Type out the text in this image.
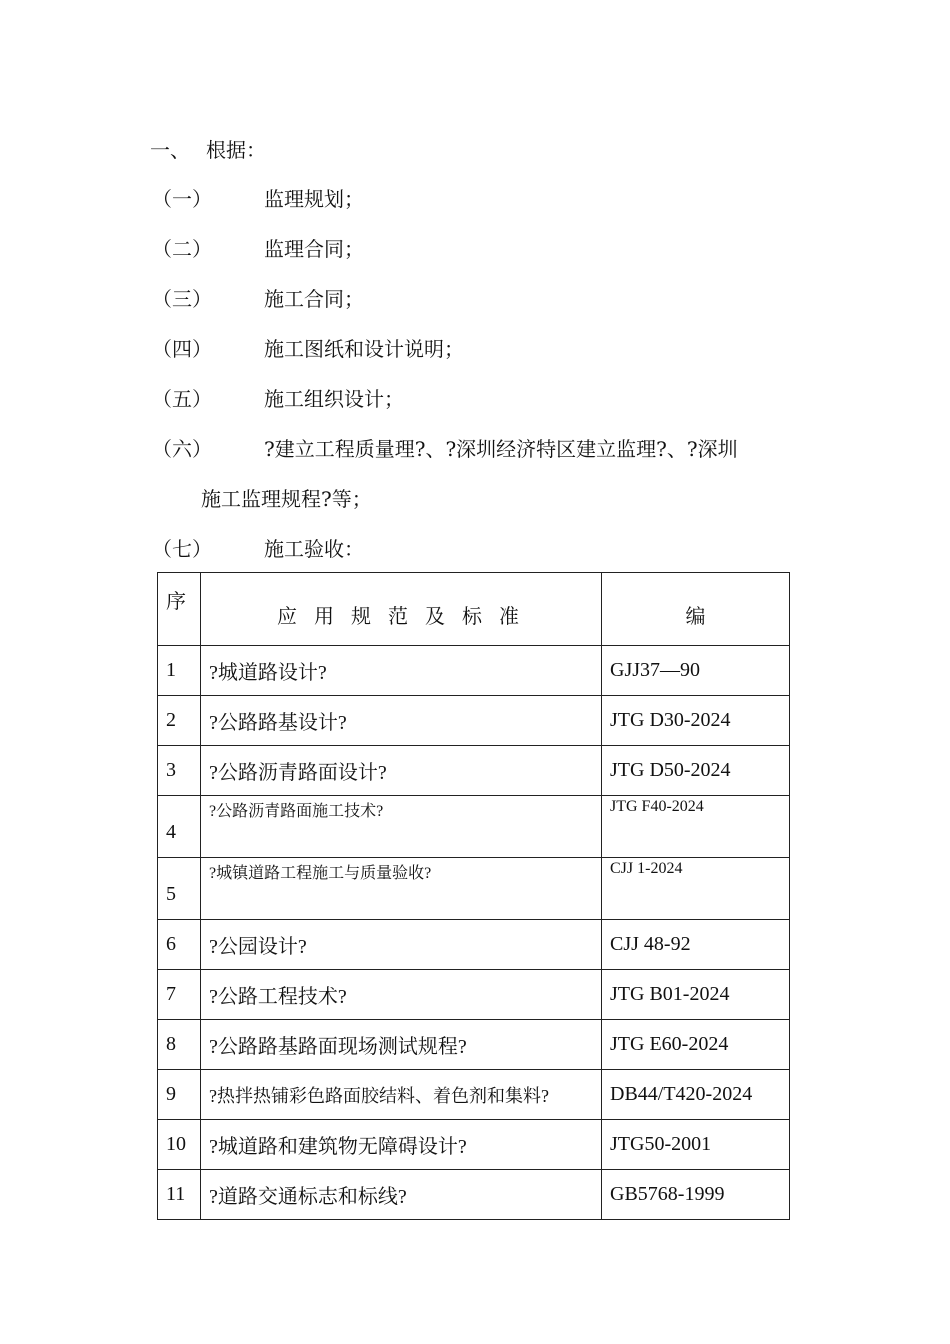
一、 根据：
（一）	监理规划；
（二）	监理合同；
（三）	施工合同；
（四）	施工图纸和设计说明；
（五）	施工组织设计；
（六）	?建立工程质量理?、?深圳经济特区建立监理?、?深圳
施工监理规程?等；
（七）	施工验收：
序	应 用 规 范 及 标 准	编
1	?城道路设计?	GJJ37—90
2	?公路路基设计?	JTG D30-2024
3	?公路沥青路面设计?	JTG D50-2024
4	?公路沥青路面施工技术?	JTG F40-2024
5	?城镇道路工程施工与质量验收?	CJJ 1-2024
6	?公园设计?	CJJ 48-92
7	?公路工程技术?	JTG B01-2024
8	?公路路基路面现场测试规程?	JTG E60-2024
9	?热拌热铺彩色路面胶结料、着色剂和集料?	DB44/T420-2024
10	?城道路和建筑物无障碍设计?	JTG50-2001
11	?道路交通标志和标线?	GB5768-1999
